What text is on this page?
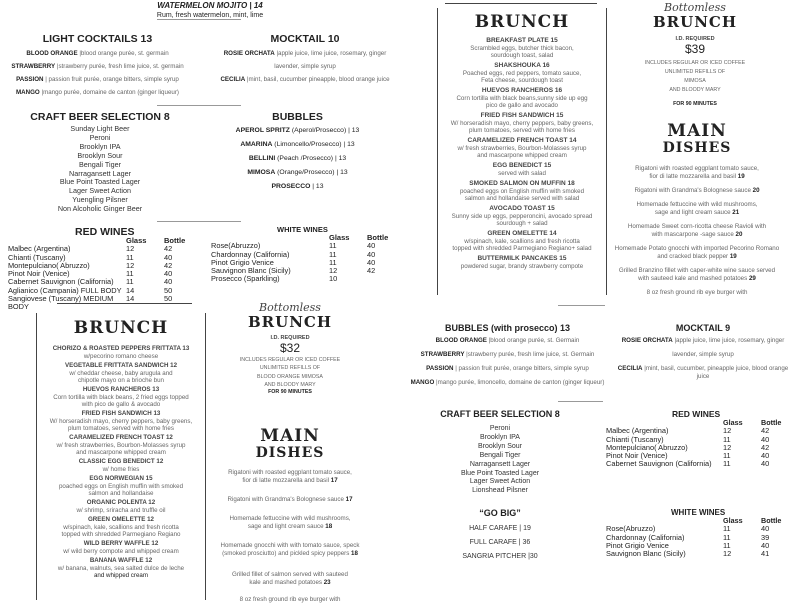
WATERMELON MOJITO | 14
Rum, fresh watermelon, mint, lime
LIGHT COCKTAILS 13
BLOOD ORANGE |blood orange purée, st. germain
STRAWBERRY |strawberry purée, fresh lime juice, st. germain
PASSION | passion fruit purée, orange bitters, simple syrup
MANGO |mango purée, domaine de canton (ginger liqueur)
MOCKTAIL 10
ROSIE ORCHATA |apple juice, lime juice, rosemary, ginger
lavender, simple syrup
CECILIA |mint, basil, cucumber pineapple, blood orange juice
CRAFT BEER SELECTION 8
Sunday Light Beer
Peroni
Brooklyn IPA
Brooklyn Sour
Bengali Tiger
Narragansett Lager
Blue Point Toasted Lager
Lager Sweet Action
Yuengling Pilsner
Non Alcoholic Ginger Beer
BUBBLES
APEROL SPRITZ (Aperol/Prosecco) | 13
AMARINA (Limoncello/Prosecco) | 13
BELLINI (Peach /Prosecco) | 13
MIMOSA (Orange/Prosecco) | 13
PROSECCO | 13
RED WINES
Glass	Bottle
Malbec (Argentina)	12	42
Chianti (Tuscany)	11	40
Montepulciano( Abruzzo)	12	42
Pinot Noir (Venice)	11	40
Cabernet Sauvignon (California)	11	40
Aglianico (Campania) FULL BODY 14	50
Sangiovese (Tuscany) MEDIUM BODY
14	50
WHITE WINES
Glass	Bottle
Rose(Abruzzo)	11	40
Chardonnay (California)	11	40
Pinot Grigio Venice	11	40
Sauvignon Blanc (Sicily)	12	42
Prosecco (Sparkling)	10
BRUNCH
BREAKFAST PLATE 15
Scrambled eggs, butcher thick bacon,
sourdough toast, salad
SHAKSHOUKA 16
Poached eggs, red peppers, tomato sauce,
Feta cheese, sourdough toast
HUEVOS RANCHEROS 16
Corn tortilla with black beans,sunny side up egg
pico de gallo and avocado
FRIED FISH SANDWICH 15
W/ horseradish mayo, cherry peppers, baby greens,
plum tomatoes, served with home fries
CARAMELIZED FRENCH TOAST 14
w/ fresh strawberries, Bourbon-Molasses syrup
and mascarpone whipped cream
EGG BENEDICT 15
served with salad
SMOKED SALMON ON MUFFIN 18
poached eggs on English muffin with smoked
salmon and hollandaise served with salad
AVOCADO TOAST 15
Sunny side up eggs, pepperoncini, avocado spread
sourdough + salad
GREEN OMELETTE 14
w/spinach, kale, scallions and fresh ricotta
topped with shredded Parmegiano Regiano+ salad
BUTTERMILK PANCAKES 15
powdered sugar, brandy strawberry compote
Bottomless
BRUNCH
I.D. REQUIRED
$39
INCLUDES REGULAR OR ICED COFFEE
UNLIMITED REFILLS OF
MIMOSA
AND BLOODY MARY
FOR 90 MINUTES
MAIN
DISHES
Rigatoni with roasted eggplant tomato sauce,
fior di latte mozzarella and basil 19
Rigatoni with Grandma's Bolognese sauce 20
Homemade fettuccine with wild mushrooms,
sage and light cream sauce 21
Homemade Sweet corn-ricotta cheese Ravioli with
with mascarpone -sage sauce 20
Homemade Potato gnocchi with imported Pecorino Romano
and cracked black pepper 19
Grilled Branzino fillet with caper-white wine sauce served
with sauteed kale and mashed potatoes 29
8 oz fresh ground rib eye burger with
BRUNCH
CHORIZO & ROASTED PEPPERS FRITTATA 13
w/pecorino romano cheese
VEGETABLE FRITTATA SANDWICH 12
w/ cheddar cheese, baby arugula and
chipotle mayo on a brioche bun
HUEVOS RANCHEROS 13
Corn tortilla with black beans, 2 fried eggs topped
with pico de gallo & avocado
FRIED FISH SANDWICH 13
W/ horseradish mayo, cherry peppers, baby greens,
plum tomatoes, served with home fries
CARAMELIZED FRENCH TOAST 12
w/ fresh strawberries, Bourbon-Molasses syrup
and mascarpone whipped cream
CLASSIC EGG BENEDICT 12
w/ home fries
EGG NORWEGIAN 15
poached eggs on English muffin with smoked
salmon and hollandaise
ORGANIC POLENTA 12
w/ shrimp, sriracha and truffle oil
GREEN OMELETTE 12
w/spinach, kale, scallions and fresh ricotta
topped with shredded Parmegiano Regiano
WILD BERRY WAFFLE 12
w/ wild berry compote and whipped cream
BANANA WAFFLE 12
w/ banana, walnuts, sea salted dulce de leche
and whipped cream
Bottomless
BRUNCH
I.D. REQUIRED
$32
INCLUDES REGULAR OR ICED COFFEE
UNLIMITED REFILLS OF
BLOOD ORANGE MIMOSA
AND BLOODY MARY
FOR 90 MINUTES
MAIN
DISHES
Rigatoni with roasted eggplant tomato sauce,
fior di latte mozzarella and basil 17
Rigatoni with Grandma's Bolognese sauce 17
Homemade fettuccine with wild mushrooms,
sage and light cream sauce 18
Homemade gnocchi with with tomato sauce, speck
(smoked prosciutto) and pickled spicy peppers 18
Grilled fillet of salmon served with sauteed
kale and mashed potatoes 23
8 oz fresh ground rib eye burger with
BUBBLES (with prosecco) 13
BLOOD ORANGE |blood orange purée, st. Germain
STRAWBERRY |strawberry purée, fresh lime juice, st. Germain
PASSION | passion fruit purée, orange bitters, simple syrup
MANGO |mango purée, limoncello, domaine de canton (ginger liqueur)
MOCKTAIL 9
ROSIE ORCHATA |apple juice, lime juice, rosemary, ginger
lavender, simple syrup
CECILIA |mint, basil, cucumber, pineapple juice, blood orange
juice
CRAFT BEER SELECTION 8
Peroni
Brooklyn IPA
Brooklyn Sour
Bengali Tiger
Narragansett Lager
Blue Point Toasted Lager
Lager Sweet Action
Lionshead Pilsner
“GO BIG”
HALF CARAFE | 19
FULL CARAFE | 36
SANGRIA PITCHER |30
RED WINES
Glass	Bottle
Malbec (Argentina)	12	42
Chianti (Tuscany)	11	40
Montepulciano( Abruzzo)	12	42
Pinot Noir (Venice)	11	40
Cabernet Sauvignon (California)	11	40
WHITE WINES
Glass	Bottle
Rose(Abruzzo)	11	40
Chardonnay (California)	11	39
Pinot Grigio Venice	11	40
Sauvignon Blanc (Sicily)	12	41
